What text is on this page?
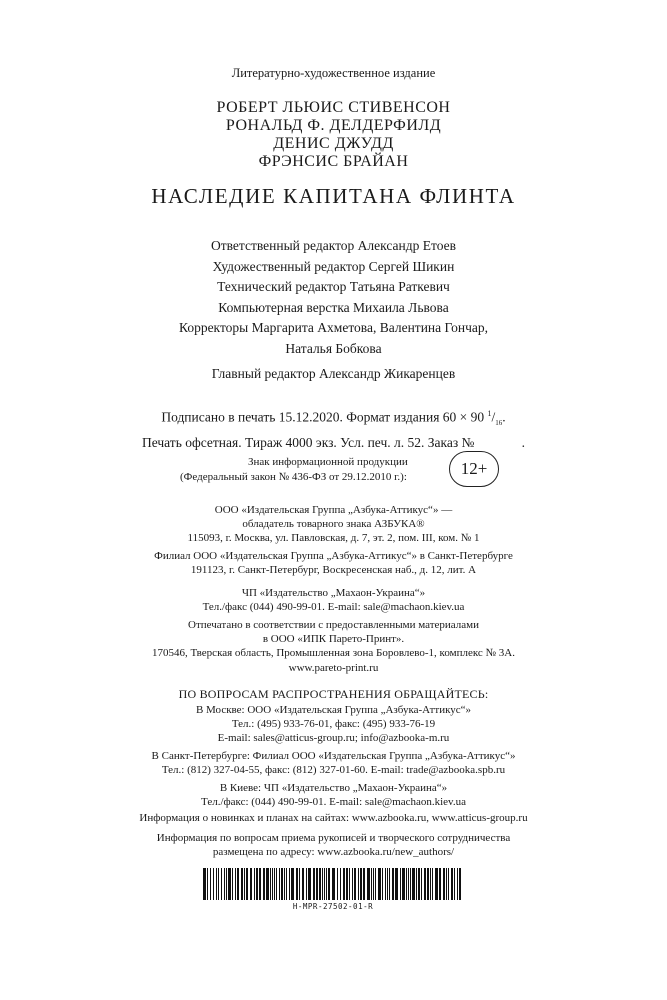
Литературно-художественное издание
РОБЕРТ ЛЬЮИС СТИВЕНСОН
РОНАЛЬД Ф. ДЕЛДЕРФИЛД
ДЕНИС ДЖУДД
ФРЭНСИС БРАЙАН
НАСЛЕДИЕ КАПИТАНА ФЛИНТА
Ответственный редактор Александр Етоев
Художественный редактор Сергей Шикин
Технический редактор Татьяна Раткевич
Компьютерная верстка Михаила Львова
Корректоры Маргарита Ахметова, Валентина Гончар,
Наталья Бобкова
Главный редактор Александр Жикаренцев
Подписано в печать 15.12.2020. Формат издания 60 × 90 $^1/_{16}$.
Печать офсетная. Тираж 4000 экз. Усл. печ. л. 52. Заказ №              .
Знак информационной продукции
(Федеральный закон № 436-ФЗ от 29.12.2010 г.):	12+
ООО «Издательская Группа „Азбука-Аттикус“» —
обладатель товарного знака АЗБУКА®
115093, г. Москва, ул. Павловская, д. 7, эт. 2, пом. III, ком. № 1
Филиал ООО «Издательская Группа „Азбука-Аттикус“» в Санкт-Петербурге
191123, г. Санкт-Петербург, Воскресенская наб., д. 12, лит. А
ЧП «Издательство „Махаон-Украина“»
Тел./факс (044) 490-99-01. E-mail: sale@machaon.kiev.ua
Отпечатано в соответствии с предоставленными материалами
в ООО «ИПК Парето-Принт».
170546, Тверская область, Промышленная зона Боровлево-1, комплекс № 3А.
www.pareto-print.ru
ПО ВОПРОСАМ РАСПРОСТРАНЕНИЯ ОБРАЩАЙТЕСЬ:
В Москве: ООО «Издательская Группа „Азбука-Аттикус“»
Тел.: (495) 933-76-01, факс: (495) 933-76-19
E-mail: sales@atticus-group.ru; info@azbooka-m.ru
В Санкт-Петербурге: Филиал ООО «Издательская Группа „Азбука-Аттикус“»
Тел.: (812) 327-04-55, факс: (812) 327-01-60. E-mail: trade@azbooka.spb.ru
В Киеве: ЧП «Издательство „Махаон-Украина“»
Тел./факс: (044) 490-99-01. E-mail: sale@machaon.kiev.ua
Информация о новинках и планах на сайтах: www.azbooka.ru, www.atticus-group.ru
Информация по вопросам приема рукописей и творческого сотрудничества
размещена по адресу: www.azbooka.ru/new_authors/
Н-MPR-27502-01-R
